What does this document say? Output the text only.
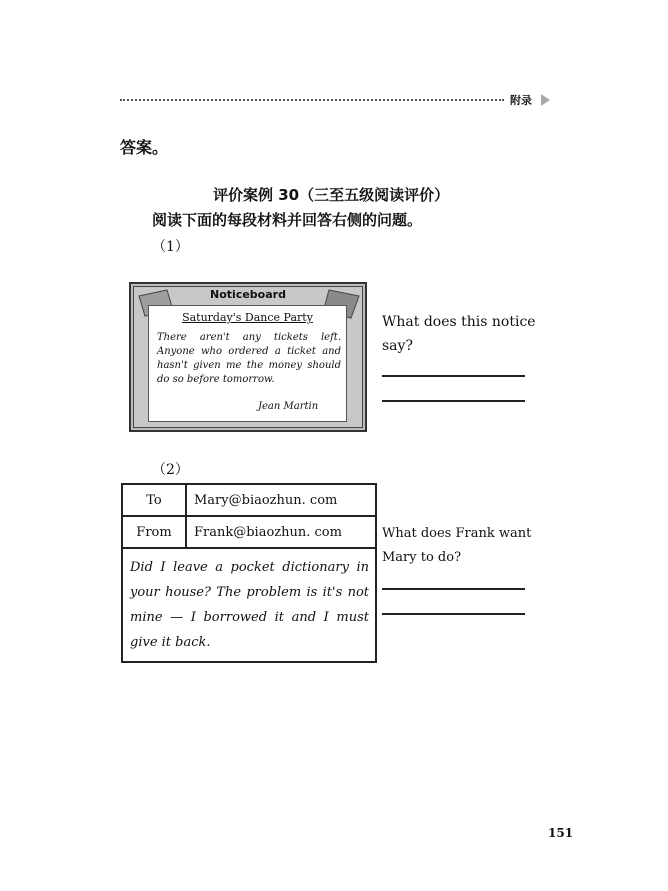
附录
答案。
评价案例 30（三至五级阅读评价）
阅读下面的每段材料并回答右侧的问题。
（1）
Noticeboard
Saturday's Dance Party
There aren't any tickets left. Anyone who ordered a ticket and hasn't given me the money should do so before tomorrow.
Jean Martin
What does this notice say?
（2）
To	Mary@biaozhun. com
From	Frank@biaozhun. com
Did I leave a pocket dictionary in your house? The problem is it's not mine — I borrowed it and I must give it back.	
What does Frank want Mary to do?
151
